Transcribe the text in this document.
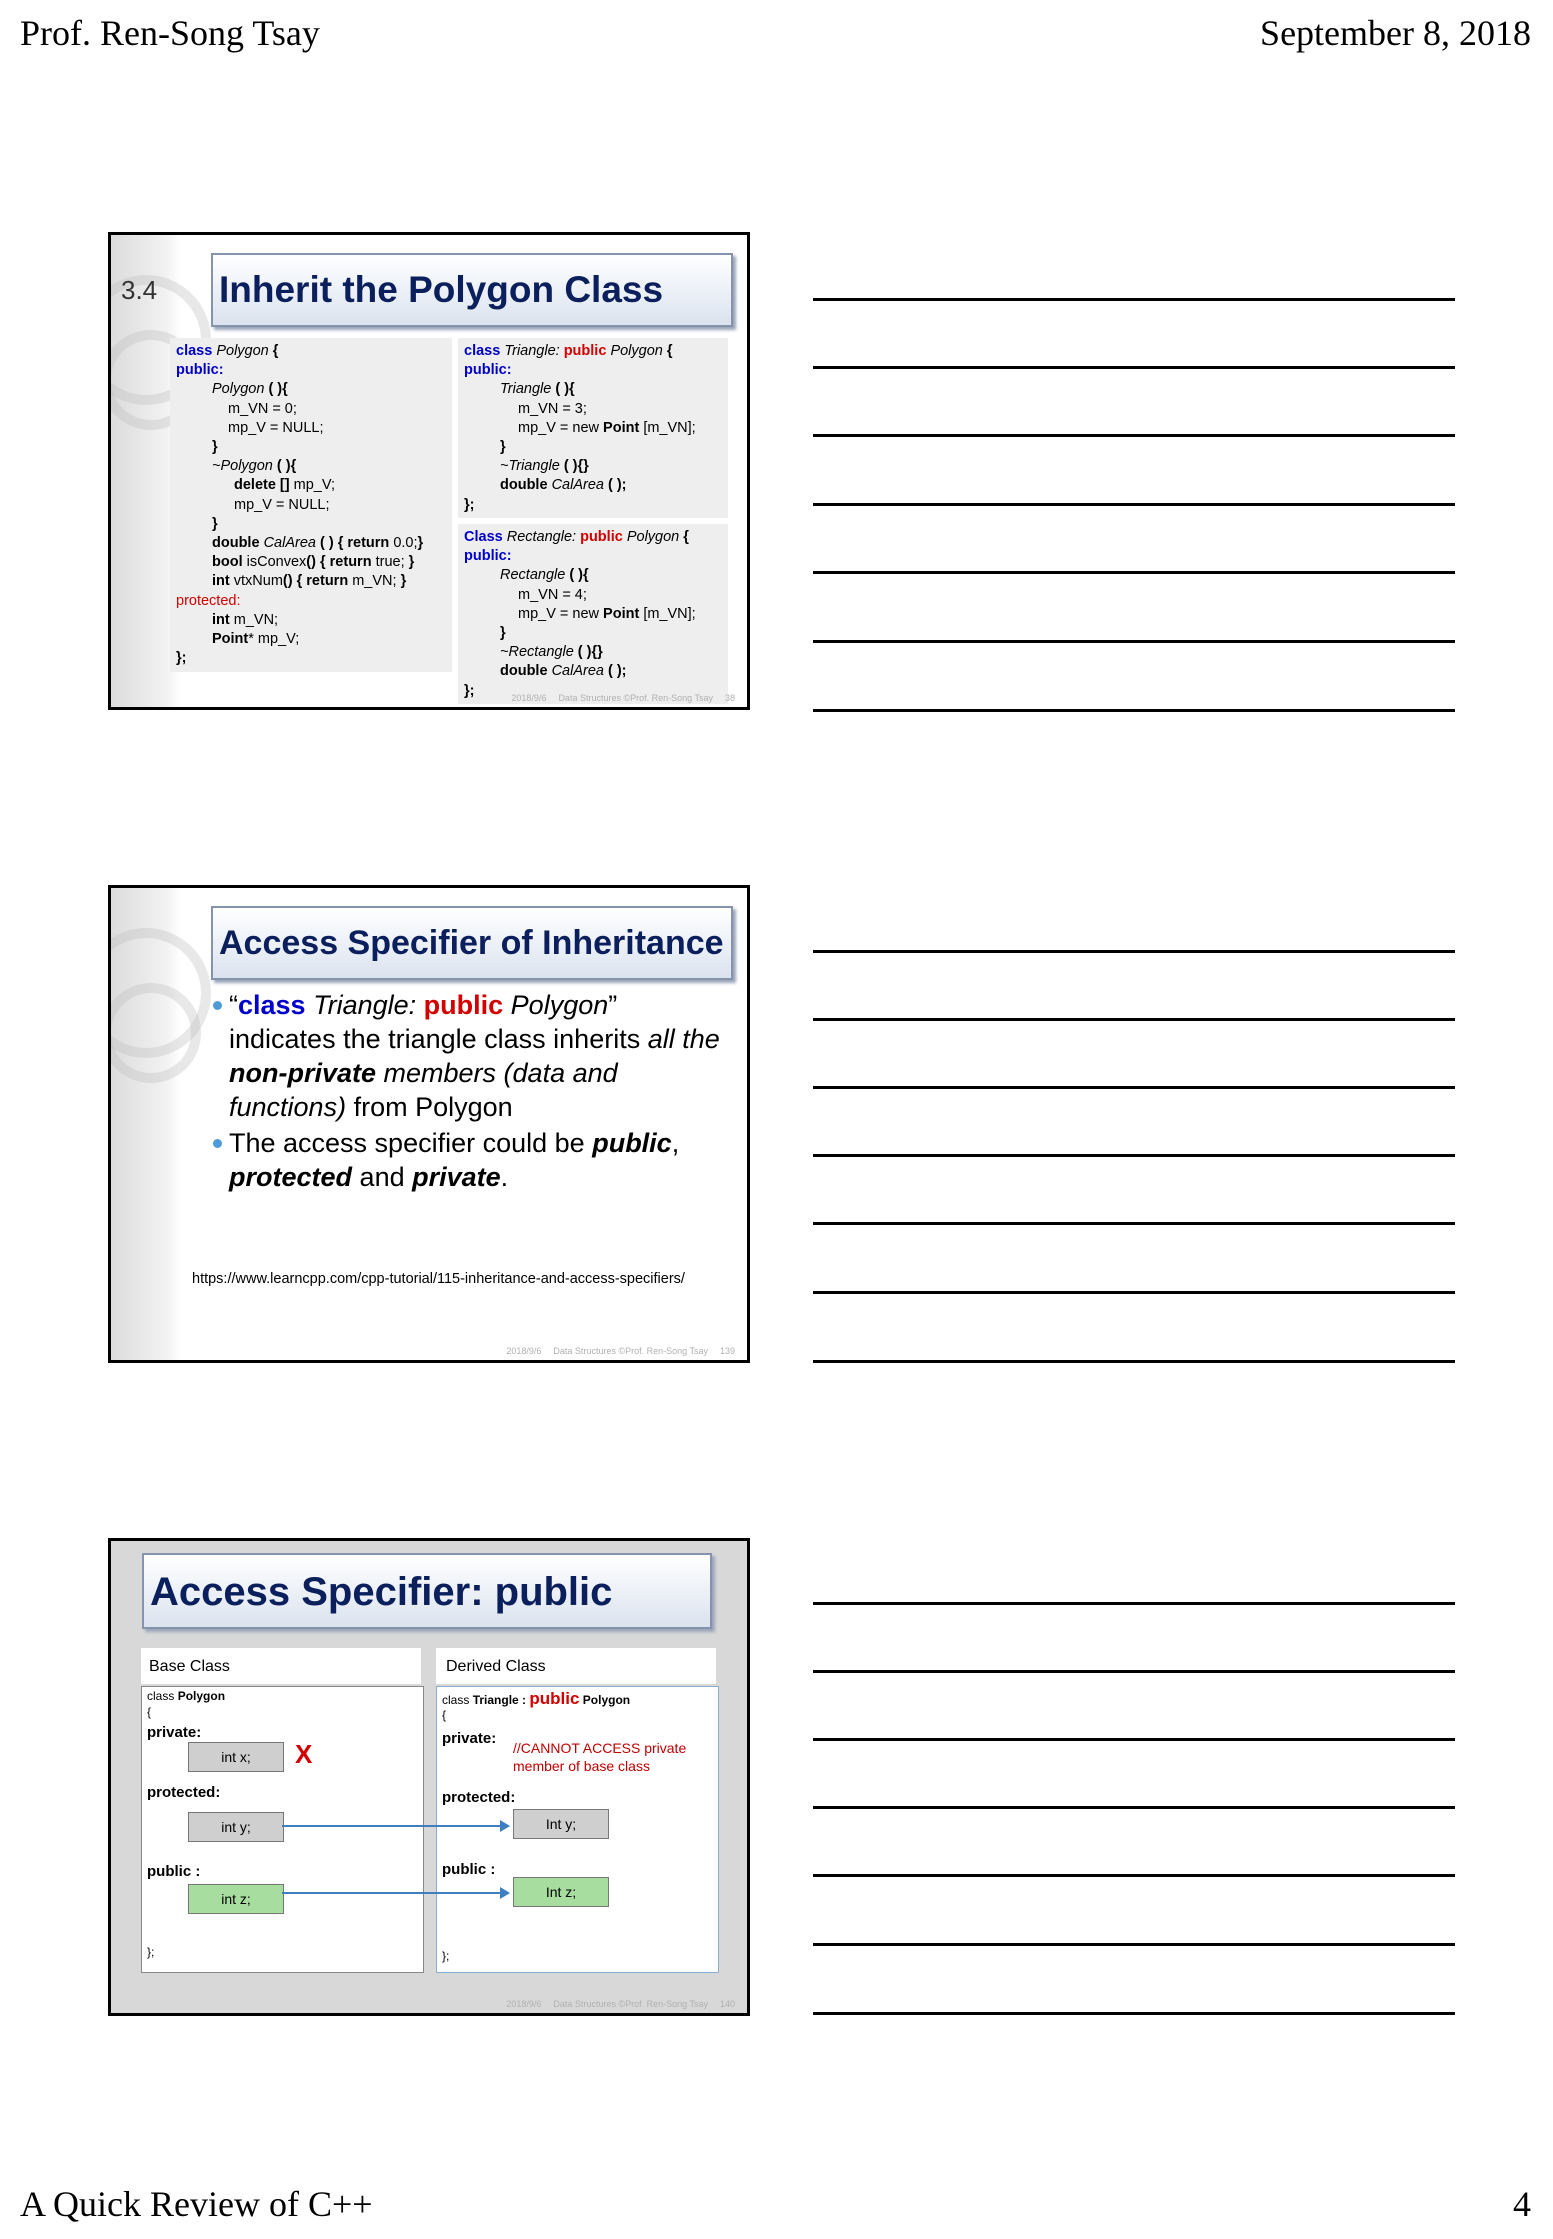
Prof. Ren-Song Tsay	September 8, 2018
A Quick Review of C++	4
3.4 Inherit the Polygon Class
class Polygon {
public:
Polygon ( ){
m_VN = 0;
mp_V = NULL;
}
~Polygon ( ){
delete [] mp_V;
mp_V = NULL;
}
double CalArea ( ) { return 0.0;}
bool isConvex() { return true; }
int vtxNum() { return m_VN; }
protected:
int m_VN;
Point* mp_V;
};
class Triangle: public Polygon {
public:
Triangle ( ){
m_VN = 3;
mp_V = new Point [m_VN];
}
~Triangle ( ){}
double CalArea ( );
};
Class Rectangle: public Polygon {
public:
Rectangle ( ){
m_VN = 4;
mp_V = new Point [m_VN];
}
~Rectangle ( ){}
double CalArea ( );
};	2018/9/6 Data Structures ©Prof. Ren-Song Tsay 38
Access Specifier of Inheritance
“class Triangle: public Polygon” indicates the triangle class inherits all the non-private members (data and functions) from Polygon
The access specifier could be public, protected and private.
https://www.learncpp.com/cpp-tutorial/115-inheritance-and-access-specifiers/
2018/9/6 Data Structures ©Prof. Ren-Song Tsay 139
Access Specifier: public
Base Class	Derived Class
class Polygon
{
private:
int x;	X
protected:
int y;
public :
int z;
};
class Triangle : public Polygon
{
private:
//CANNOT ACCESS private member of base class
protected:
Int y;
public :
Int z;
};
2018/9/6 Data Structures ©Prof. Ren-Song Tsay 140
